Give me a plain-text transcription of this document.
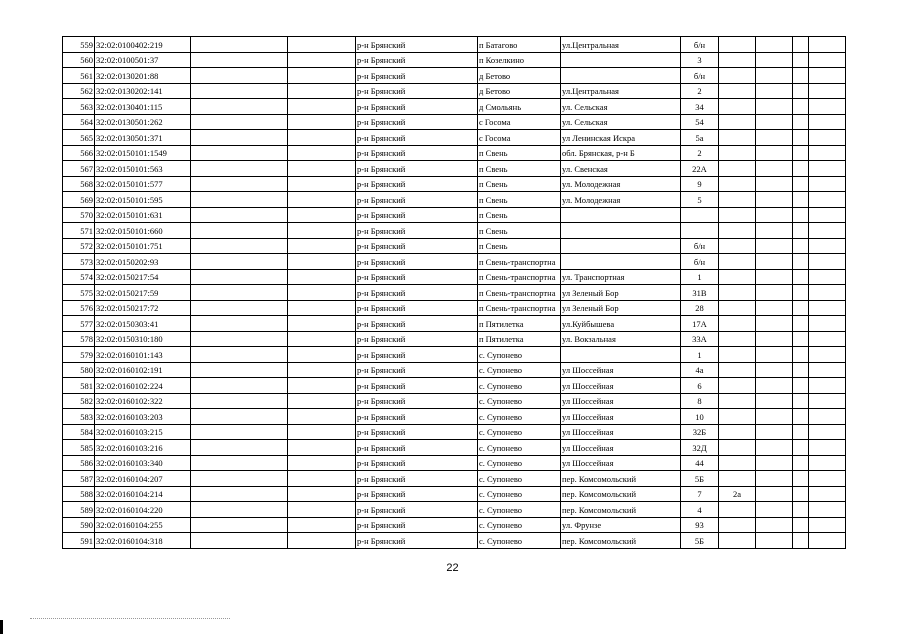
559	32:02:0100402:219			р-н Брянский	п Батагово	ул.Центральная	б/н				
560	32:02:0100501:37			р-н Брянский	п Козелкино		3				
561	32:02:0130201:88			р-н Брянский	д Бетово		б/н				
562	32:02:0130202:141			р-н Брянский	д Бетово	ул.Центральная	2				
563	32:02:0130401:115			р-н Брянский	д Смольянь	ул. Сельская	34				
564	32:02:0130501:262			р-н Брянский	с Госома	ул. Сельская	54				
565	32:02:0130501:371			р-н Брянский	с Госома	ул Ленинская Искра	5а				
566	32:02:0150101:1549			р-н Брянский	п Свень	обл. Брянская, р-н Б	2				
567	32:02:0150101:563			р-н Брянский	п Свень	ул. Свенская	22А				
568	32:02:0150101:577			р-н Брянский	п Свень	ул. Молодежная	9				
569	32:02:0150101:595			р-н Брянский	п Свень	ул. Молодежная	5				
570	32:02:0150101:631			р-н Брянский	п Свень						
571	32:02:0150101:660			р-н Брянский	п Свень						
572	32:02:0150101:751			р-н Брянский	п Свень		б/н				
573	32:02:0150202:93			р-н Брянский	п Свень-транспортна		б/н				
574	32:02:0150217:54			р-н Брянский	п Свень-транспортна	ул. Транспортная	1				
575	32:02:0150217:59			р-н Брянский	п Свень-транспортна	ул Зеленый Бор	31В				
576	32:02:0150217:72			р-н Брянский	п Свень-транспортна	ул Зеленый Бор	28				
577	32:02:0150303:41			р-н Брянский	п Пятилетка	ул.Куйбышева	17А				
578	32:02:0150310:180			р-н Брянский	п Пятилетка	ул. Вокзальная	33А				
579	32:02:0160101:143			р-н Брянский	с. Супонево		1				
580	32:02:0160102:191			р-н Брянский	с. Супонево	ул Шоссейная	4а				
581	32:02:0160102:224			р-н Брянский	с. Супонево	ул Шоссейная	6				
582	32:02:0160102:322			р-н Брянский	с. Супонево	ул Шоссейная	8				
583	32:02:0160103:203			р-н Брянский	с. Супонево	ул Шоссейная	10				
584	32:02:0160103:215			р-н Брянский	с. Супонево	ул Шоссейная	32Б				
585	32:02:0160103:216			р-н Брянский	с. Супонево	ул Шоссейная	32Д				
586	32:02:0160103:340			р-н Брянский	с. Супонево	ул Шоссейная	44				
587	32:02:0160104:207			р-н Брянский	с. Супонево	пер. Комсомольский	5Б				
588	32:02:0160104:214			р-н Брянский	с. Супонево	пер. Комсомольский	7	2а			
589	32:02:0160104:220			р-н Брянский	с. Супонево	пер. Комсомольский	4				
590	32:02:0160104:255			р-н Брянский	с. Супонево	ул. Фрунзе	93				
591	32:02:0160104:318			р-н Брянский	с. Супонево	пер. Комсомольский	5Б				
22
